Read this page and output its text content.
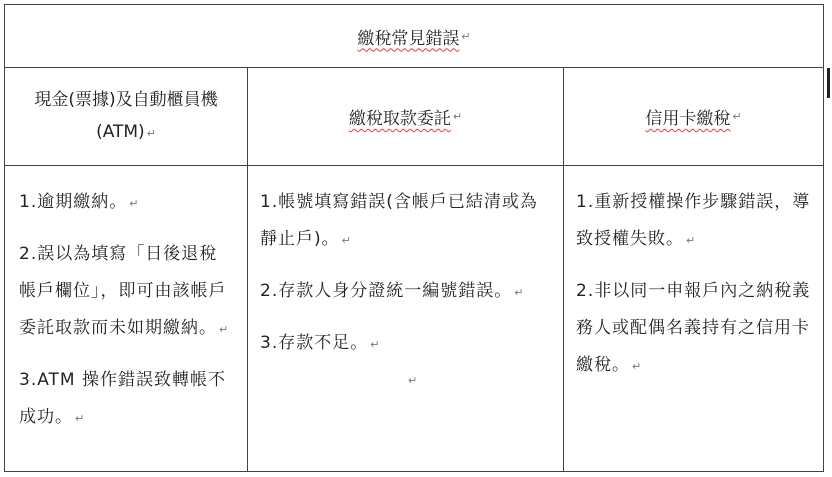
繳稅常見錯誤 ↵
現金(票據)及自動櫃員機(ATM) ↵
繳稅取款委託 ↵	信用卡繳稅 ↵
1.逾期繳納。 ↵
2.誤以為填寫「日後退稅帳戶欄位」，即可由該帳戶委託取款而未如期繳納。 ↵
3.ATM 操作錯誤致轉帳不成功。 ↵
1.帳號填寫錯誤(含帳戶已結清或為靜止戶)。 ↵
2.存款人身分證統一編號錯誤。 ↵
3.存款不足。 ↵
↵
1.重新授權操作步驟錯誤，導致授權失敗。 ↵
2.非以同一申報戶內之納稅義務人或配偶名義持有之信用卡繳稅。 ↵
